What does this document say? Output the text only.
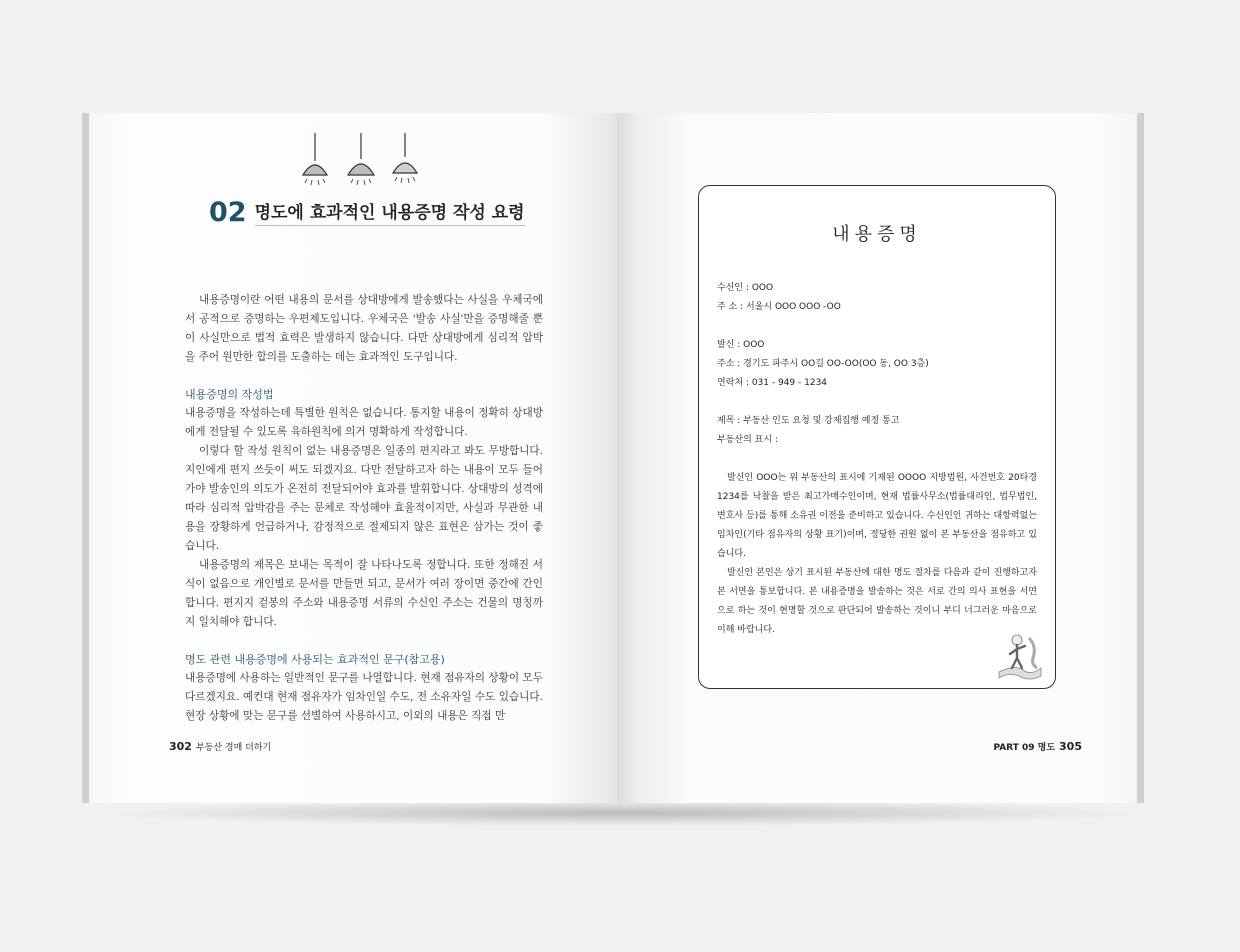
02 명도에 효과적인 내용증명 작성 요령

내용증명이란 어떤 내용의 문서를 상대방에게 발송했다는 사실을 우체국에서 공적으로 증명하는 우편제도입니다. 우체국은 '발송 사실'만을 증명해줄 뿐 이 사실만으로 법적 효력은 발생하지 않습니다. 다만 상대방에게 심리적 압박을 주어 원만한 합의를 도출하는 데는 효과적인 도구입니다.

내용증명의 작성법

내용증명을 작성하는데 특별한 원칙은 없습니다. 통지할 내용이 정확히 상대방에게 전달될 수 있도록 육하원칙에 의거 명확하게 작성합니다.

이렇다 할 작성 원칙이 없는 내용증명은 일종의 편지라고 봐도 무방합니다. 지인에게 편지 쓰듯이 써도 되겠지요. 다만 전달하고자 하는 내용이 모두 들어가야 발송인의 의도가 온전히 전달되어야 효과를 발휘합니다. 상대방의 성격에 따라 심리적 압박감을 주는 문체로 작성해야 효율적이지만, 사실과 무관한 내용을 장황하게 언급하거나, 감정적으로 절제되지 않은 표현은 삼가는 것이 좋습니다.

내용증명의 제목은 보내는 목적이 잘 나타나도록 정합니다. 또한 정해진 서식이 없음으로 개인별로 문서를 만들면 되고, 문서가 여러 장이면 중간에 간인합니다. 편지지 겉봉의 주소와 내용증명 서류의 수신인 주소는 건물의 명칭까지 일치해야 합니다.

명도 관련 내용증명에 사용되는 효과적인 문구(참고용)

내용증명에 사용하는 일반적인 문구를 나열합니다. 현재 점유자의 상황이 모두 다르겠지요. 예컨대 현재 점유자가 임차인일 수도, 전 소유자일 수도 있습니다. 현장 상황에 맞는 문구를 선별하여 사용하시고, 이외의 내용은 직접 만

302 부동산 경매 더하기
내용증명
수신인 : OOO
주 소 : 서울시 OOO OOO -OO
발신 : OOO
주소 : 경기도 파주시 OO길 OO-OO(OO 동, OO 3층)
연락처 : 031 - 949 - 1234
제목 : 부동산 인도 요청 및 강제집행 예정 통고
부동산의 표시 :
발신인 OOO는 위 부동산의 표시에 기재된 OOOO 지방법원, 사건번호 20타경1234를 낙찰을 받은 최고가매수인이며, 현재 법률사무소(법률대리인, 법무법인, 변호사 등)를 통해 소유권 이전을 준비하고 있습니다. 수신인인 귀하는 대항력없는 임차인(기타 점유자의 상황 표기)이며, 정당한 권원 없이 본 부동산을 점유하고 있습니다.
발신인 본인은 상기 표시된 부동산에 대한 명도 절차를 다음과 같이 진행하고자 본 서면을 통보합니다. 본 내용증명을 발송하는 것은 서로 간의 의사 표현을 서면으로 하는 것이 현명할 것으로 판단되어 발송하는 것이니 부디 너그러운 마음으로 이해 바랍니다.
PART 09 명도 305
